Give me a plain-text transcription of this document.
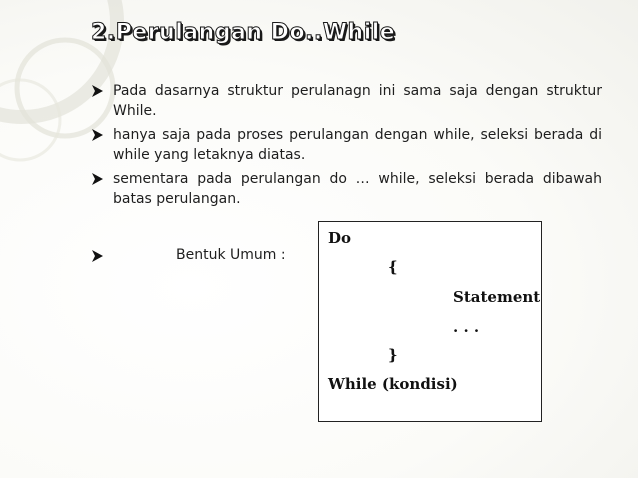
2.Perulangan Do..While
Pada dasarnya struktur perulanagn ini sama saja dengan struktur While.
hanya saja pada proses perulangan dengan while, seleksi berada di while yang letaknya diatas.
sementara pada perulangan do … while, seleksi berada dibawah batas perulangan.
Bentuk Umum :
Do
{
Statement
. . .
}
While (kondisi)
